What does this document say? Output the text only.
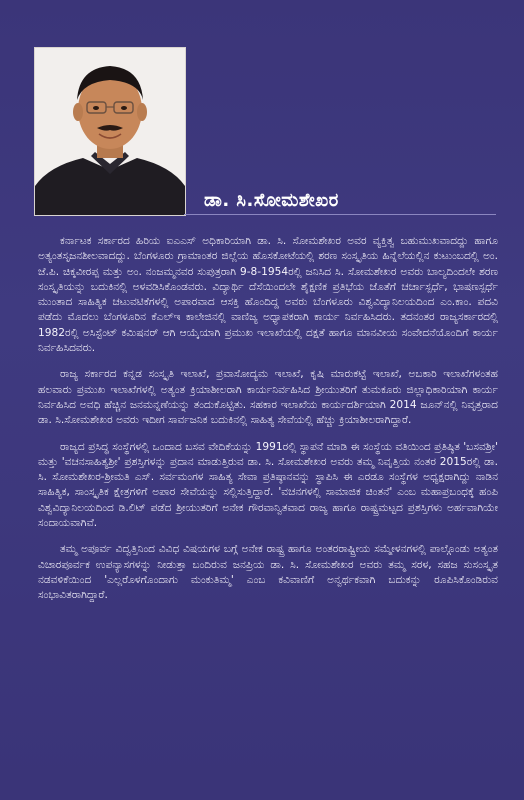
ಡಾ. ಸಿ.ಸೋಮಶೇಖರ

ಕರ್ನಾಟಕ ಸರ್ಕಾರದ ಹಿರಿಯ ಐಎಎಸ್ ಅಧಿಕಾರಿಯಾಗಿ ಡಾ. ಸಿ. ಸೋಮಶೇಖರ ಅವರ ವ್ಯಕ್ತಿತ್ವ ಬಹುಮುಖವಾದದ್ದು ಹಾಗೂ ಅತ್ಯಂತಸೃಜನಶೀಲವಾದದ್ದು. ಬೆಂಗಳೂರು ಗ್ರಾಮಾಂತರ ಜಿಲ್ಲೆಯ ಹೊಸಕೋಟೆಯಲ್ಲಿ ಶರಣ ಸಂಸ್ಕೃತಿಯ ಹಿನ್ನೆಲೆಯಲ್ಲಿನ ಕುಟುಂಬದಲ್ಲಿ ಅಂ. ಜೆ.ಪಿ. ಚಿಕ್ಕವೀರಪ್ಪ ಮತ್ತು ಅಂ. ನಂಜಮ್ಮನವರ ಸುಪುತ್ರರಾಗಿ 9-8-1954ರಲ್ಲಿ ಜನಿಸಿದ ಸಿ. ಸೋಮಶೇಖರ ಅವರು ಬಾಲ್ಯದಿಂದಲೇ ಶರಣ ಸಂಸ್ಕೃತಿಯನ್ನು ಬದುಕಿನಲ್ಲಿ ಅಳವಡಿಸಿಕೊಂಡವರು. ವಿದ್ಯಾರ್ಥಿ ದೆಸೆಯಿಂದಲೇ ಶೈಕ್ಷಣಿಕ ಪ್ರತಿಭೆಯ ಜೊತೆಗೆ ಚರ್ಚಾಸ್ಪರ್ಧೆ, ಭಾಷಣಸ್ಪರ್ಧೆ ಮುಂತಾದ ಸಾಹಿತ್ಯಿಕ ಚಟುವಟಿಕೆಗಳಲ್ಲಿ ಅಪಾರವಾದ ಆಸಕ್ತಿ ಹೊಂದಿದ್ದ ಅವರು ಬೆಂಗಳೂರು ವಿಶ್ವವಿದ್ಯಾನಿಲಯದಿಂದ ಎಂ.ಕಾಂ. ಪದವಿ ಪಡೆದು ಮೊದಲು ಬೆಂಗಳೂರಿನ ಕೆಎಲ್‌ಇ ಕಾಲೇಜಿನಲ್ಲಿ ವಾಣಿಜ್ಯ ಅಧ್ಯಾಪಕರಾಗಿ ಕಾರ್ಯ ನಿರ್ವಹಿಸಿದರು. ತದನಂತರ ರಾಜ್ಯಸರ್ಕಾರದಲ್ಲಿ 1982ರಲ್ಲಿ ಅಸಿಸ್ಟೆಂಟ್ ಕಮಿಷನರ್ ಆಗಿ ಆಯ್ಕೆಯಾಗಿ ಪ್ರಮುಖ ಇಲಾಖೆಯಲ್ಲಿ ದಕ್ಷತೆ ಹಾಗೂ ಮಾನವೀಯ ಸಂವೇದನೆಯೊಂದಿಗೆ ಕಾರ್ಯ ನಿರ್ವಹಿಸಿದವರು.

ರಾಜ್ಯ ಸರ್ಕಾರದ ಕನ್ನಡ ಸಂಸ್ಕೃತಿ ಇಲಾಖೆ, ಪ್ರವಾಸೋದ್ಯಮ ಇಲಾಖೆ, ಕೃಷಿ ಮಾರುಕಟ್ಟೆ ಇಲಾಖೆ, ಅಬಕಾರಿ ಇಲಾಖೆಗಳಂತಹ ಹಲವಾರು ಪ್ರಮುಖ ಇಲಾಖೆಗಳಲ್ಲಿ ಅತ್ಯಂತ ಕ್ರಿಯಾಶೀಲರಾಗಿ ಕಾರ್ಯನಿರ್ವಹಿಸಿದ ಶ್ರೀಯುತರಿಗೆ ತುಮಕೂರು ಜಿಲ್ಲಾಧಿಕಾರಿಯಾಗಿ ಕಾರ್ಯ ನಿರ್ವಹಿಸಿದ ಅವಧಿ ಹೆಚ್ಚಿನ ಜನಮನ್ನಣೆಯನ್ನು ತಂದುಕೊಟ್ಟಿತು. ಸಹಕಾರ ಇಲಾಖೆಯ ಕಾರ್ಯದರ್ಶಿಯಾಗಿ 2014 ಜೂನ್‌ನಲ್ಲಿ ನಿವೃತ್ತರಾದ ಡಾ. ಸಿ.ಸೋಮಶೇಖರ ಅವರು ಇದೀಗ ಸಾರ್ವಜನಿಕ ಬದುಕಿನಲ್ಲಿ ಸಾಹಿತ್ಯ ಸೇವೆಯಲ್ಲಿ ಹೆಚ್ಚು ಕ್ರಿಯಾಶೀಲರಾಗಿದ್ದಾರೆ.

ರಾಜ್ಯದ ಪ್ರಸಿದ್ಧ ಸಂಸ್ಥೆಗಳಲ್ಲಿ ಒಂದಾದ ಬಸವ ವೇದಿಕೆಯನ್ನು 1991ರಲ್ಲಿ ಸ್ಥಾಪನೆ ಮಾಡಿ ಈ ಸಂಸ್ಥೆಯ ವತಿಯಿಂದ ಪ್ರತಿಷ್ಠಿತ 'ಬಸವಶ್ರೀ' ಮತ್ತು 'ವಚನಸಾಹಿತ್ಯಶ್ರೀ' ಪ್ರಶಸ್ತಿಗಳನ್ನು ಪ್ರದಾನ ಮಾಡುತ್ತಿರುವ ಡಾ. ಸಿ. ಸೋಮಶೇಖರ ಅವರು ತಮ್ಮ ನಿವೃತ್ತಿಯ ನಂತರ 2015ರಲ್ಲಿ ಡಾ. ಸಿ. ಸೋಮಶೇಖರ-ಶ್ರೀಮತಿ ಎಸ್. ಸರ್ವಮಂಗಳ ಸಾಹಿತ್ಯ ಸೇವಾ ಪ್ರತಿಷ್ಠಾನವನ್ನು ಸ್ಥಾಪಿಸಿ ಈ ಎರಡೂ ಸಂಸ್ಥೆಗಳ ಅಧ್ಯಕ್ಷರಾಗಿದ್ದು ನಾಡಿನ ಸಾಹಿತ್ಯಿಕ, ಸಾಂಸ್ಕೃತಿಕ ಕ್ಷೇತ್ರಗಳಿಗೆ ಅಪಾರ ಸೇವೆಯನ್ನು ಸಲ್ಲಿಸುತ್ತಿದ್ದಾರೆ. 'ವಚನಗಳಲ್ಲಿ ಸಾಮಾಜಿಕ ಚಿಂತನೆ' ಎಂಬ ಮಹಾಪ್ರಬಂಧಕ್ಕೆ ಹಂಪಿ ವಿಶ್ವವಿದ್ಯಾನಿಲಯದಿಂದ ಡಿ.ಲಿಟ್ ಪಡೆದ ಶ್ರೀಯುತರಿಗೆ ಅನೇಕ ಗೌರವಾನ್ವಿತವಾದ ರಾಜ್ಯ ಹಾಗೂ ರಾಷ್ಟ್ರಮಟ್ಟದ ಪ್ರಶಸ್ತಿಗಳು ಅರ್ಹವಾಗಿಯೇ ಸಂದಾಯವಾಗಿವೆ.

ತಮ್ಮ ಅಪೂರ್ವ ವಿದ್ವತ್ತಿನಿಂದ ವಿವಿಧ ವಿಷಯಗಳ ಬಗ್ಗೆ ಅನೇಕ ರಾಷ್ಟ್ರ ಹಾಗೂ ಅಂತರರಾಷ್ಟ್ರೀಯ ಸಮ್ಮೇಳನಗಳಲ್ಲಿ ಪಾಲ್ಗೊಂಡು ಅತ್ಯಂತ ವಿಚಾರಪೂರ್ವಕ ಉಪನ್ಯಾಸಗಳನ್ನು ನೀಡುತ್ತಾ ಬಂದಿರುವ ಜನಪ್ರಿಯ ಡಾ. ಸಿ. ಸೋಮಶೇಖರ ಅವರು ತಮ್ಮ ಸರಳ, ಸಹಜ ಸುಸಂಸ್ಕೃತ ನಡವಳಿಕೆಯಿಂದ 'ಎಲ್ಲರೊಳಗೊಂದಾಗು ಮಂಕುತಿಮ್ಮ' ಎಂಬ ಕವಿವಾಣಿಗೆ ಅನ್ವರ್ಥಕವಾಗಿ ಬದುಕನ್ನು ರೂಪಿಸಿಕೊಂಡಿರುವ ಸಂಭಾವಿತರಾಗಿದ್ದಾರೆ.
